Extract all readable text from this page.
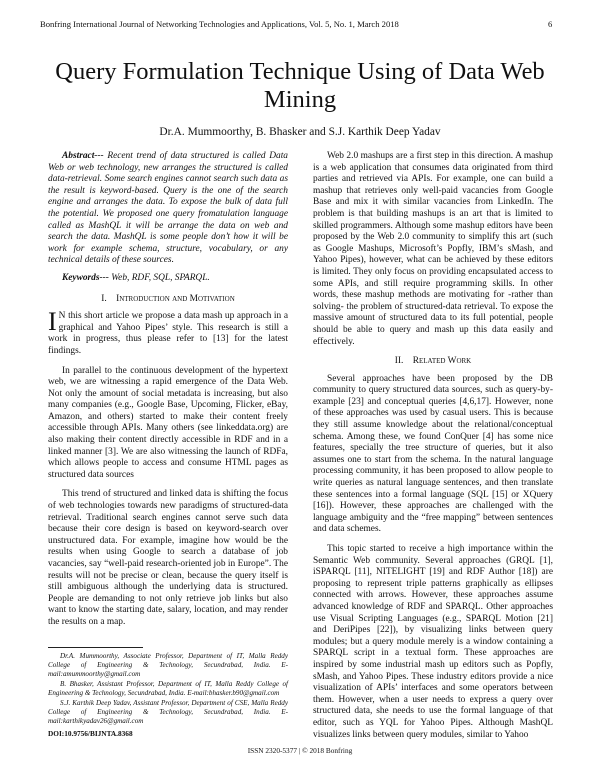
Bonfring International Journal of Networking Technologies and Applications, Vol. 5, No. 1, March 2018	6
Query Formulation Technique Using of Data Web Mining
Dr.A. Mummoorthy, B. Bhasker and S.J. Karthik Deep Yadav

Abstract--- Recent trend of data structured is called Data Web or web technology, new arranges the structured is called data-retrieval. Some search engines cannot search such data as the result is keyword-based. Query is the one of the search engine and arranges the data. To expose the bulk of data full the potential. We proposed one query fromatulation language called as MashQL it will be arrange the data on web and search the data. MashQL is some people don’t how it will be work for example schema, structure, vocabulary, or any technical details of these sources.

Keywords--- Web, RDF, SQL, SPARQL.

I. Introduction and Motivation

I N this short article we propose a data mash up approach in a graphical and Yahoo Pipes’ style. This research is still a work in progress, thus please refer to [13] for the latest findings.

In parallel to the continuous development of the hypertext web, we are witnessing a rapid emergence of the Data Web. Not only the amount of social metadata is increasing, but also many companies (e.g., Google Base, Upcoming, Flicker, eBay, Amazon, and others) started to make their content freely accessible through APIs. Many others (see linkeddata.org) are also making their content directly accessible in RDF and in a linked manner [3]. We are also witnessing the launch of RDFa, which allows people to access and consume HTML pages as structured data sources

This trend of structured and linked data is shifting the focus of web technologies towards new paradigms of structured-data retrieval. Traditional search engines cannot serve such data because their core design is based on keyword-search over unstructured data. For example, imagine how would be the results when using Google to search a database of job vacancies, say “well-paid research-oriented job in Europe”. The results will not be precise or clean, because the query itself is still ambiguous although the underlying data is structured. People are demanding to not only retrieve job links but also want to know the starting date, salary, location, and may render the results on a map.

Dr.A. Mummoorthy, Associate Professor, Department of IT, Malla Reddy College of Engineering & Technology, Secundrabad, India. E-mail:amummoorthy@gmail.com
B. Bhasker, Assistant Professor, Department of IT, Malla Reddy College of Engineering & Technology, Secundrabad, India. E-mail:bhasker.b90@gmail.com
S.J. Karthik Deep Yadav, Assistant Professor, Department of CSE, Malla Reddy College of Engineering & Technology, Secundrabad, India. E-mail:karthikyadav26@gmail.com
DOI:10.9756/BIJNTA.8368

Web 2.0 mashups are a first step in this direction. A mashup is a web application that consumes data originated from third parties and retrieved via APIs. For example, one can build a mashup that retrieves only well-paid vacancies from Google Base and mix it with similar vacancies from LinkedIn. The problem is that building mashups is an art that is limited to skilled programmers. Although some mashup editors have been proposed by the Web 2.0 community to simplify this art (such as Google Mashups, Microsoft’s Popfly, IBM’s sMash, and Yahoo Pipes), however, what can be achieved by these editors is limited. They only focus on providing encapsulated access to some APIs, and still require programming skills. In other words, these mashup methods are motivating for -rather than solving- the problem of structured-data retrieval. To expose the massive amount of structured data to its full potential, people should be able to query and mash up this data easily and effectively.

II. Related Work

Several approaches have been proposed by the DB community to query structured data sources, such as query-by-example [23] and conceptual queries [4,6,17]. However, none of these approaches was used by casual users. This is because they still assume knowledge about the relational/conceptual schema. Among these, we found ConQuer [4] has some nice features, specially the tree structure of queries, but it also assumes one to start from the schema. In the natural language processing community, it has been proposed to allow people to write queries as natural language sentences, and then translate these sentences into a formal language (SQL [15] or XQuery [16]). However, these approaches are challenged with the language ambiguity and the “free mapping” between sentences and data schemes.

This topic started to receive a high importance within the Semantic Web community. Several approaches (GRQL [1], iSPARQL [11], NITELIGHT [19] and RDF Author [18]) are proposing to represent triple patterns graphically as ellipses connected with arrows. However, these approaches assume advanced knowledge of RDF and SPARQL. Other approaches use Visual Scripting Languages (e.g., SPARQL Motion [21] and DeriPipes [22]), by visualizing links between query modules; but a query module merely is a window containing a SPARQL script in a textual form. These approaches are inspired by some industrial mash up editors such as Popfly, sMash, and Yahoo Pipes. These industry editors provide a nice visualization of APIs’ interfaces and some operators between them. However, when a user needs to express a query over structured data, she needs to use the formal language of that editor, such as YQL for Yahoo Pipes. Although MashQL visualizes links between query modules, similar to Yahoo

ISSN 2320-5377 | © 2018 Bonfring
